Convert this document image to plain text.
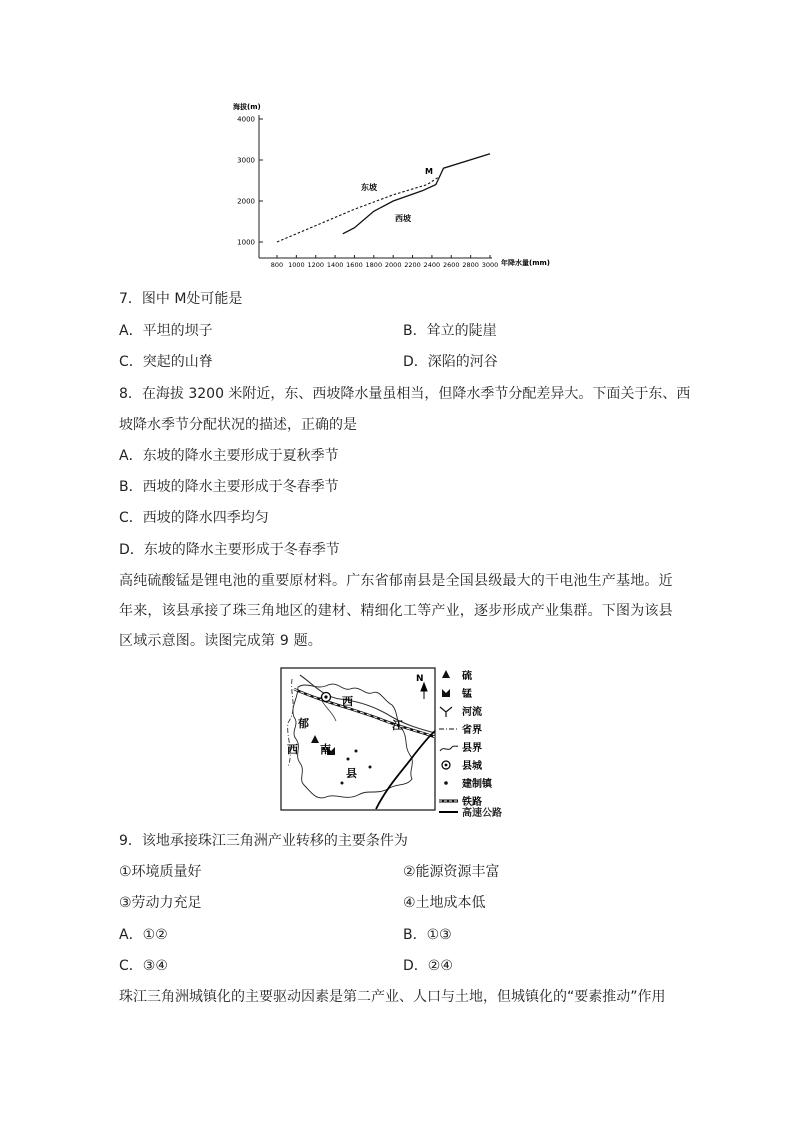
1000
2000
3000
4000
800 1000 1200 1400 1600 1800 2000 2200 2400 2600 2800 3000
海拔(m)
年降水量(mm)
东坡
西坡
M
7．图中 M处可能是
A．平坦的坝子	B．耸立的陡崖
C．突起的山脊	D．深陷的河谷
8．在海拔 3200 米附近，东、西坡降水量虽相当，但降水季节分配差异大。下面关于东、西
坡降水季节分配状况的描述，正确的是
A．东坡的降水主要形成于夏秋季节
B．西坡的降水主要形成于冬春季节
C．西坡的降水四季均匀
D．东坡的降水主要形成于冬春季节
高纯硫酸锰是锂电池的重要原材料。广东省郁南县是全国县级最大的干电池生产基地。近年来，该县承接了珠三角地区的建材、精细化工等产业，逐步形成产业集群。下图为该县区域示意图。读图完成第 9 题。
西
江
郁
西 南
县
N	硫
锰
河流
省界
县界
县城
建制镇
铁路
高速公路
9．该地承接珠江三角洲产业转移的主要条件为
①环境质量好	②能源资源丰富
③劳动力充足	④土地成本低
A．①②	B．①③
C．③④	D．②④
珠江三角洲城镇化的主要驱动因素是第二产业、人口与土地，但城镇化的“要素推动”作用
